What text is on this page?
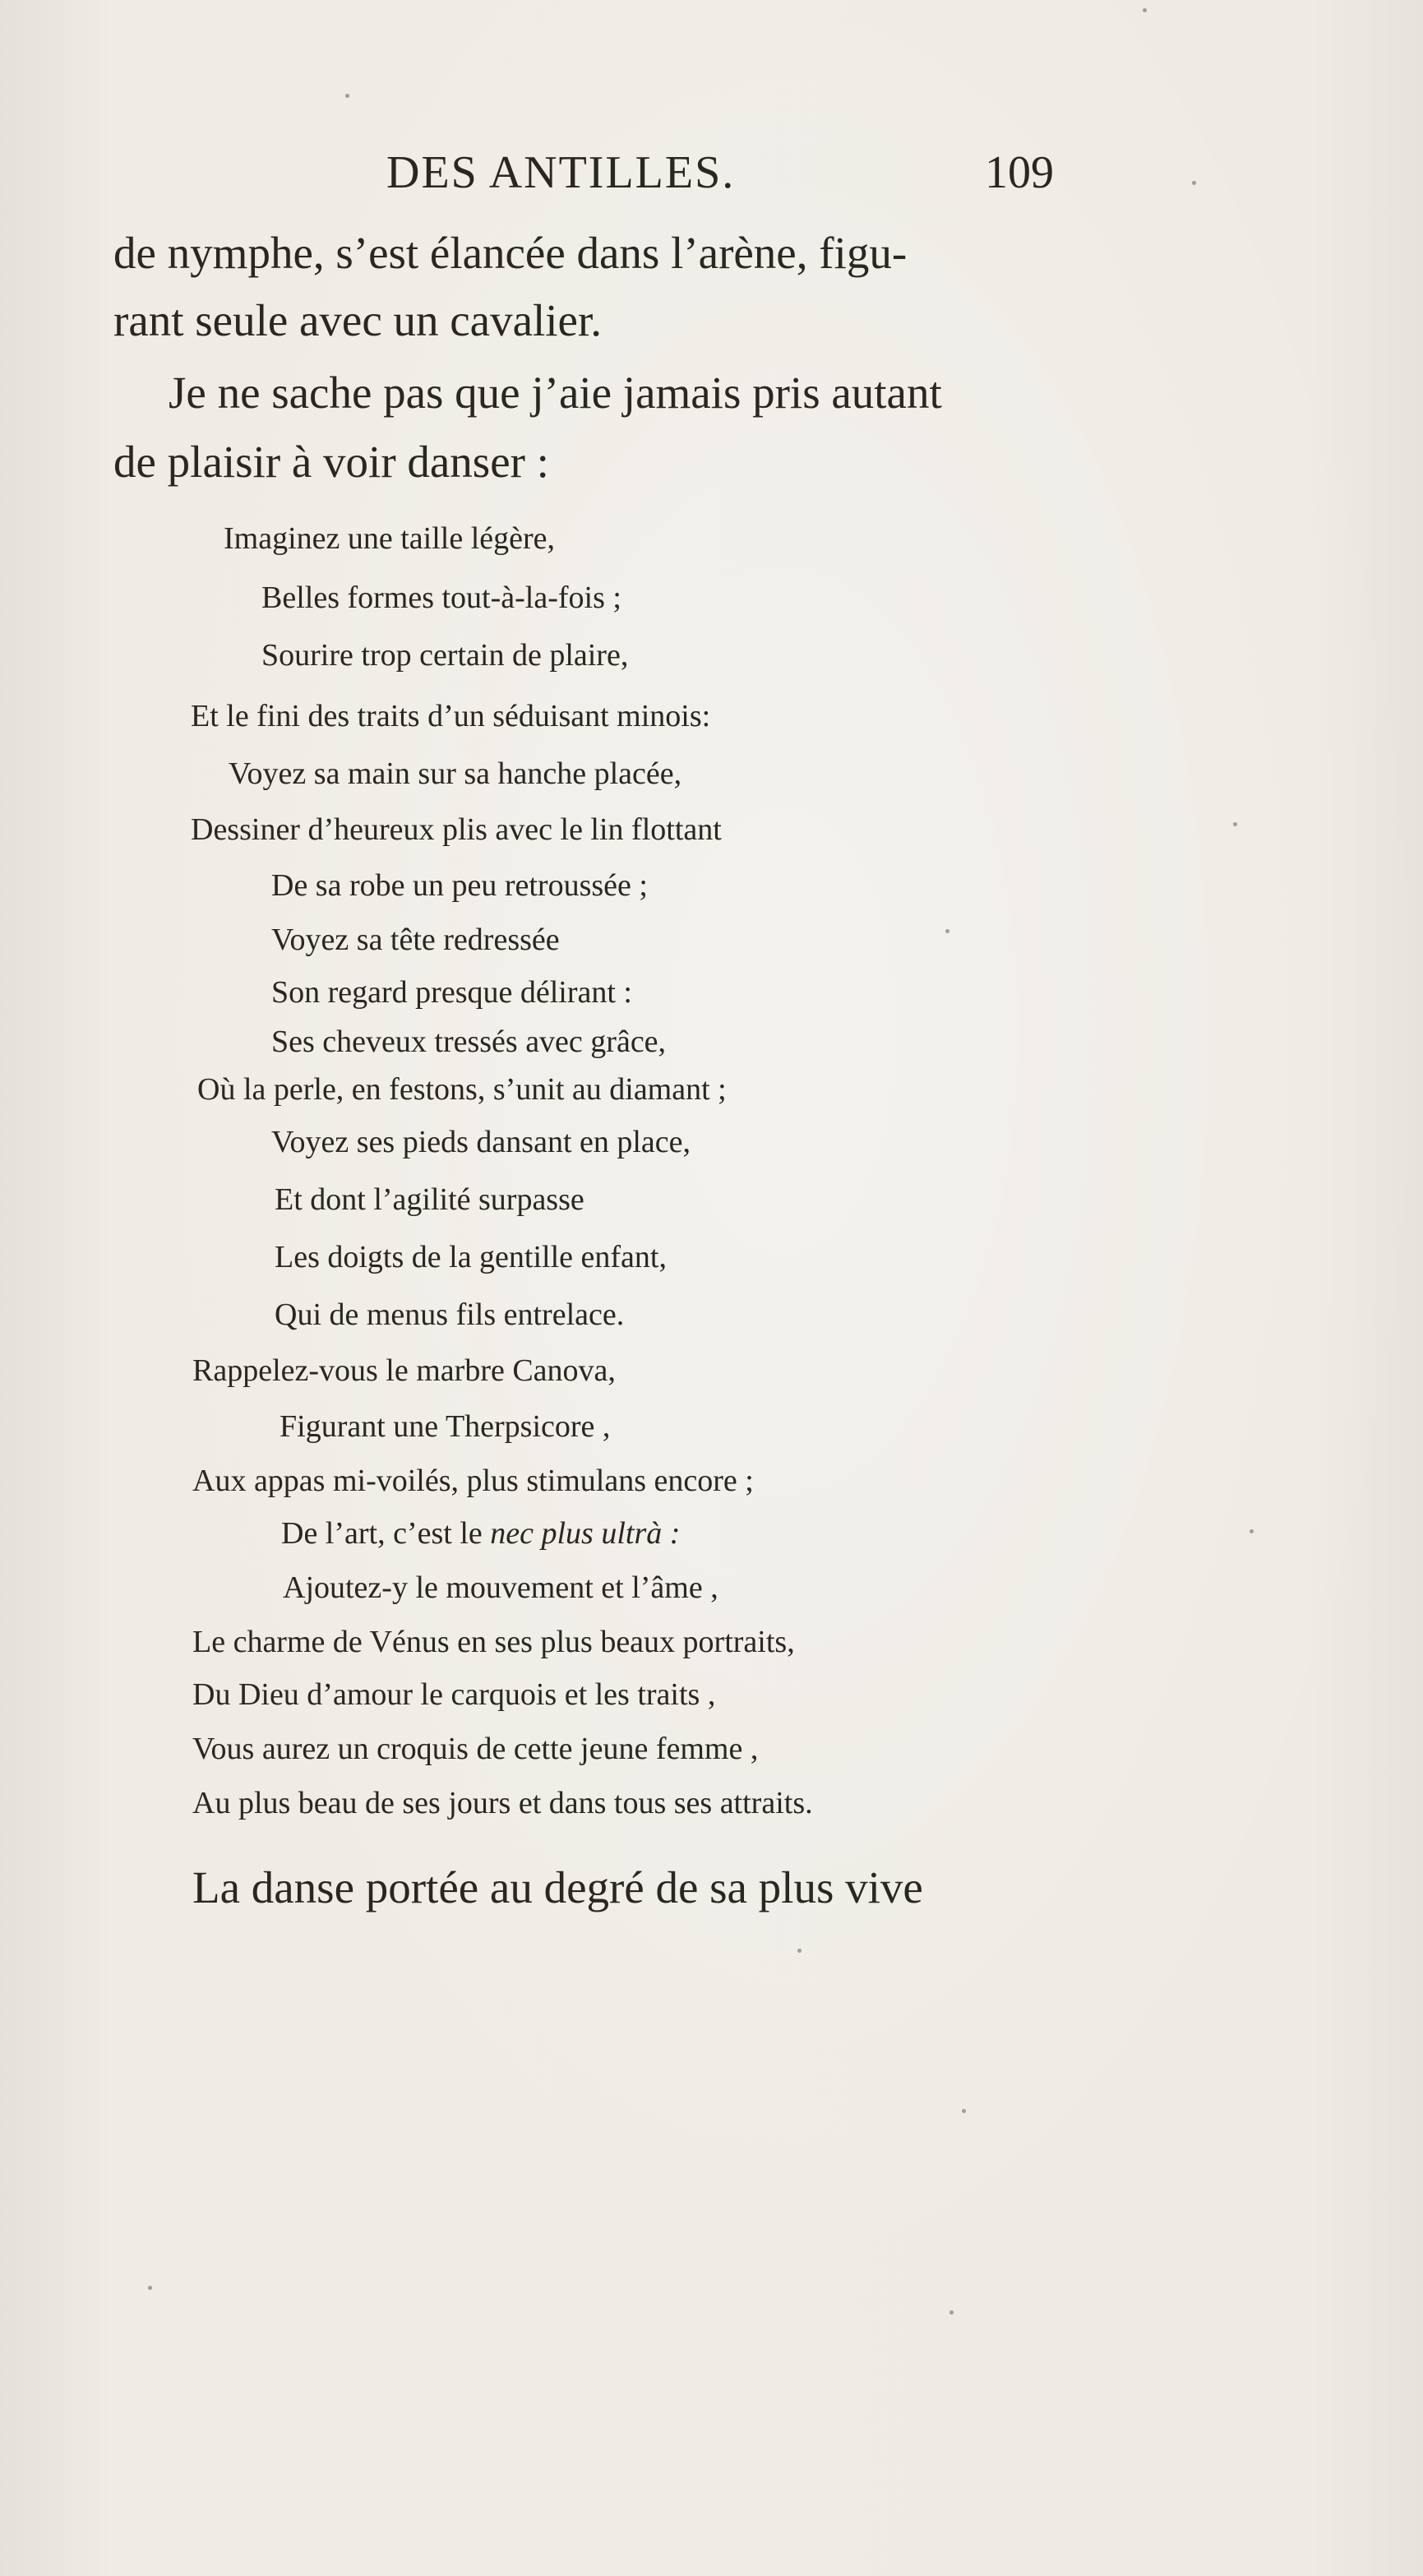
DES ANTILLES.	109
de nymphe, s’est élancée dans l’arène, figu-
rant seule avec un cavalier.
Je ne sache pas que j’aie jamais pris autant
de plaisir à voir danser :
Imaginez une taille légère,
Belles formes tout-à-la-fois ;
Sourire trop certain de plaire,
Et le fini des traits d’un séduisant minois:
Voyez sa main sur sa hanche placée,
Dessiner d’heureux plis avec le lin flottant
De sa robe un peu retroussée ;
Voyez sa tête redressée
Son regard presque délirant :
Ses cheveux tressés avec grâce,
Où la perle, en festons, s’unit au diamant ;
Voyez ses pieds dansant en place,
Et dont l’agilité surpasse
Les doigts de la gentille enfant,
Qui de menus fils entrelace.
Rappelez-vous le marbre Canova,
Figurant une Therpsicore ,
Aux appas mi-voilés, plus stimulans encore ;
De l’art, c’est le nec plus ultrà :
Ajoutez-y le mouvement et l’âme ,
Le charme de Vénus en ses plus beaux portraits,
Du Dieu d’amour le carquois et les traits ,
Vous aurez un croquis de cette jeune femme ,
Au plus beau de ses jours et dans tous ses attraits.
La danse portée au degré de sa plus vive
